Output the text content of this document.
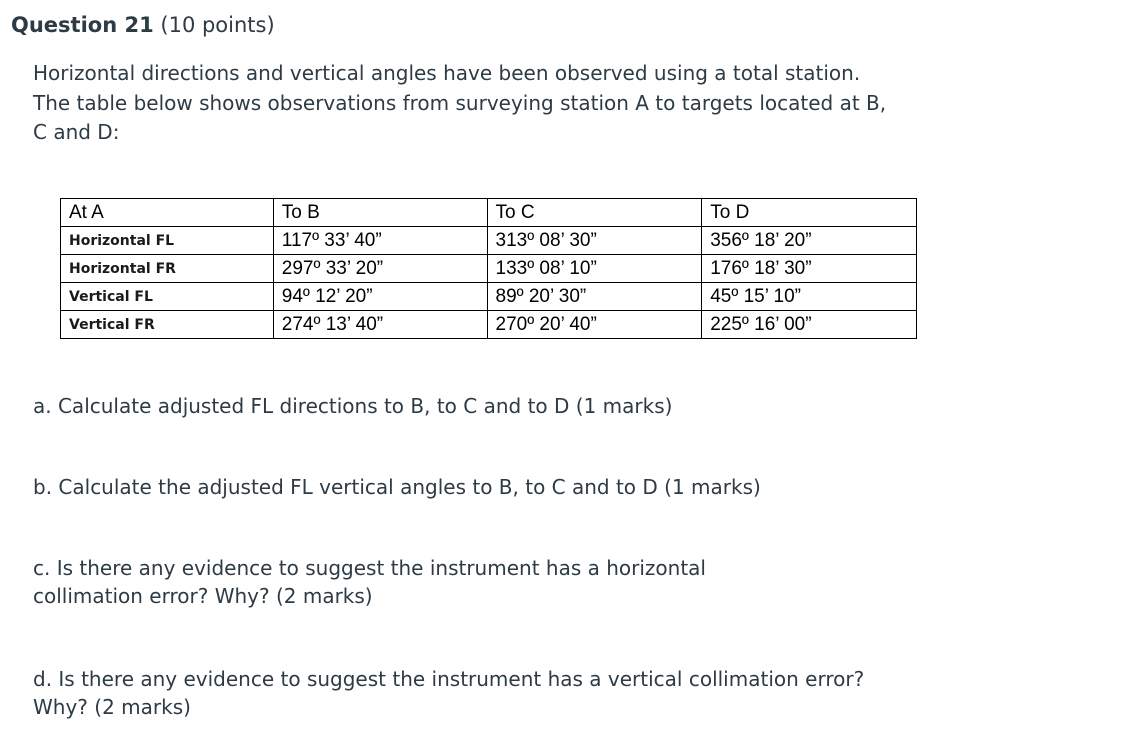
Question 21 (10 points)
Horizontal directions and vertical angles have been observed using a total station.
The table below shows observations from surveying station A to targets located at B,
C and D:
At A	To B	To C	To D
Horizontal FL	117º 33’ 40”	313º 08’ 30”	356º 18’ 20”
Horizontal FR	297º 33’ 20”	133º 08’ 10”	176º 18’ 30”
Vertical FL	94º 12’ 20”	89º 20’ 30”	45º 15’ 10”
Vertical FR	274º 13’ 40”	270º 20’ 40”	225º 16’ 00”
a. Calculate adjusted FL directions to B, to C and to D (1 marks)
b. Calculate the adjusted FL vertical angles to B, to C and to D (1 marks)
c. Is there any evidence to suggest the instrument has a horizontal
collimation error? Why? (2 marks)
d. Is there any evidence to suggest the instrument has a vertical collimation error?
Why? (2 marks)
